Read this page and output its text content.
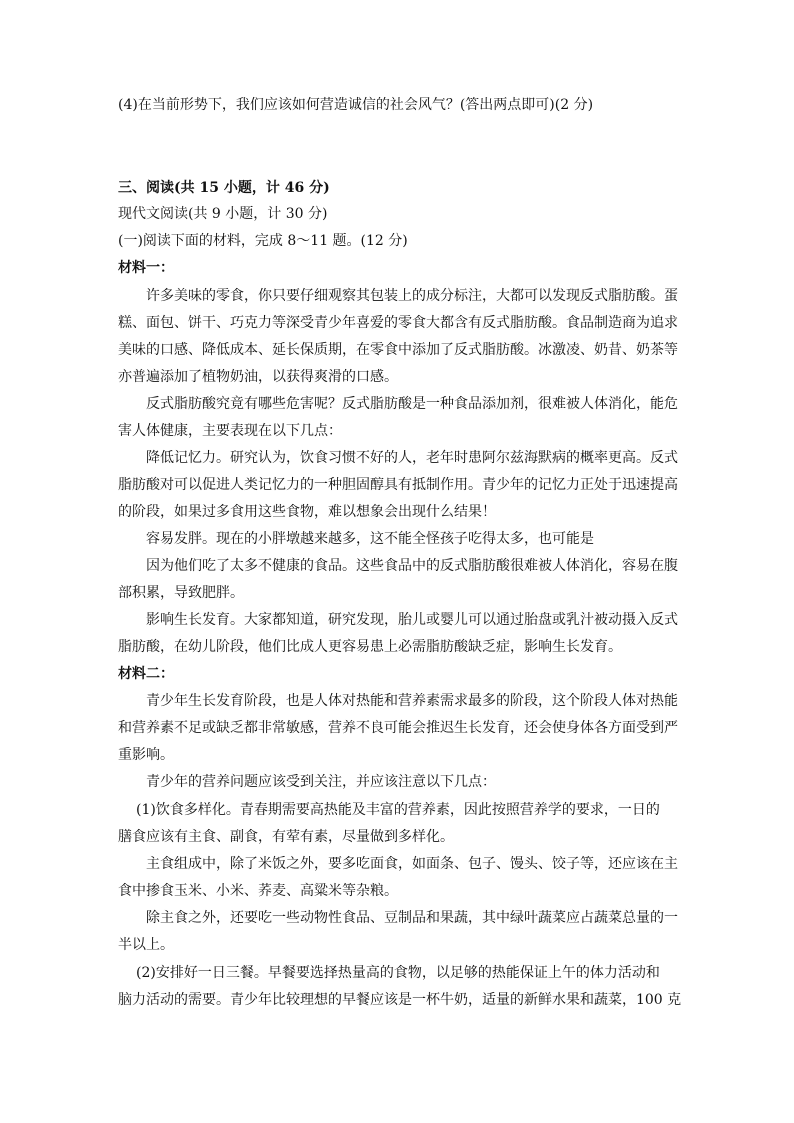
(4)在当前形势下，我们应该如何营造诚信的社会风气？(答出两点即可)(2 分)
三、阅读(共 15 小题，计 46 分)
现代文阅读(共 9 小题，计 30 分)
(一)阅读下面的材料，完成 8～11 题。(12 分)
材料一：
许多美味的零食，你只要仔细观察其包装上的成分标注，大都可以发现反式脂肪酸。蛋
糕、面包、饼干、巧克力等深受青少年喜爱的零食大都含有反式脂肪酸。食品制造商为追求
美味的口感、降低成本、延长保质期，在零食中添加了反式脂肪酸。冰激凌、奶昔、奶茶等
亦普遍添加了植物奶油，以获得爽滑的口感。
反式脂肪酸究竟有哪些危害呢？反式脂肪酸是一种食品添加剂，很难被人体消化，能危
害人体健康，主要表现在以下几点：
降低记忆力。研究认为，饮食习惯不好的人，老年时患阿尔兹海默病的概率更高。反式
脂肪酸对可以促进人类记忆力的一种胆固醇具有抵制作用。青少年的记忆力正处于迅速提高
的阶段，如果过多食用这些食物，难以想象会出现什么结果！
容易发胖。现在的小胖墩越来越多，这不能全怪孩子吃得太多，也可能是
因为他们吃了太多不健康的食品。这些食品中的反式脂肪酸很难被人体消化，容易在腹
部积累，导致肥胖。
影响生长发育。大家都知道，研究发现，胎儿或婴儿可以通过胎盘或乳汁被动摄入反式
脂肪酸，在幼儿阶段，他们比成人更容易患上必需脂肪酸缺乏症，影响生长发育。
材料二：
青少年生长发育阶段，也是人体对热能和营养素需求最多的阶段，这个阶段人体对热能
和营养素不足或缺乏都非常敏感，营养不良可能会推迟生长发育，还会使身体各方面受到严
重影响。
青少年的营养问题应该受到关注，并应该注意以下几点：
(1)饮食多样化。青春期需要高热能及丰富的营养素，因此按照营养学的要求，一日的
膳食应该有主食、副食，有荤有素，尽量做到多样化。
主食组成中，除了米饭之外，要多吃面食，如面条、包子、馒头、饺子等，还应该在主
食中掺食玉米、小米、荞麦、高粱米等杂粮。
除主食之外，还要吃一些动物性食品、豆制品和果蔬，其中绿叶蔬菜应占蔬菜总量的一
半以上。
(2)安排好一日三餐。早餐要选择热量高的食物，以足够的热能保证上午的体力活动和
脑力活动的需要。青少年比较理想的早餐应该是一杯牛奶，适量的新鲜水果和蔬菜，100 克
